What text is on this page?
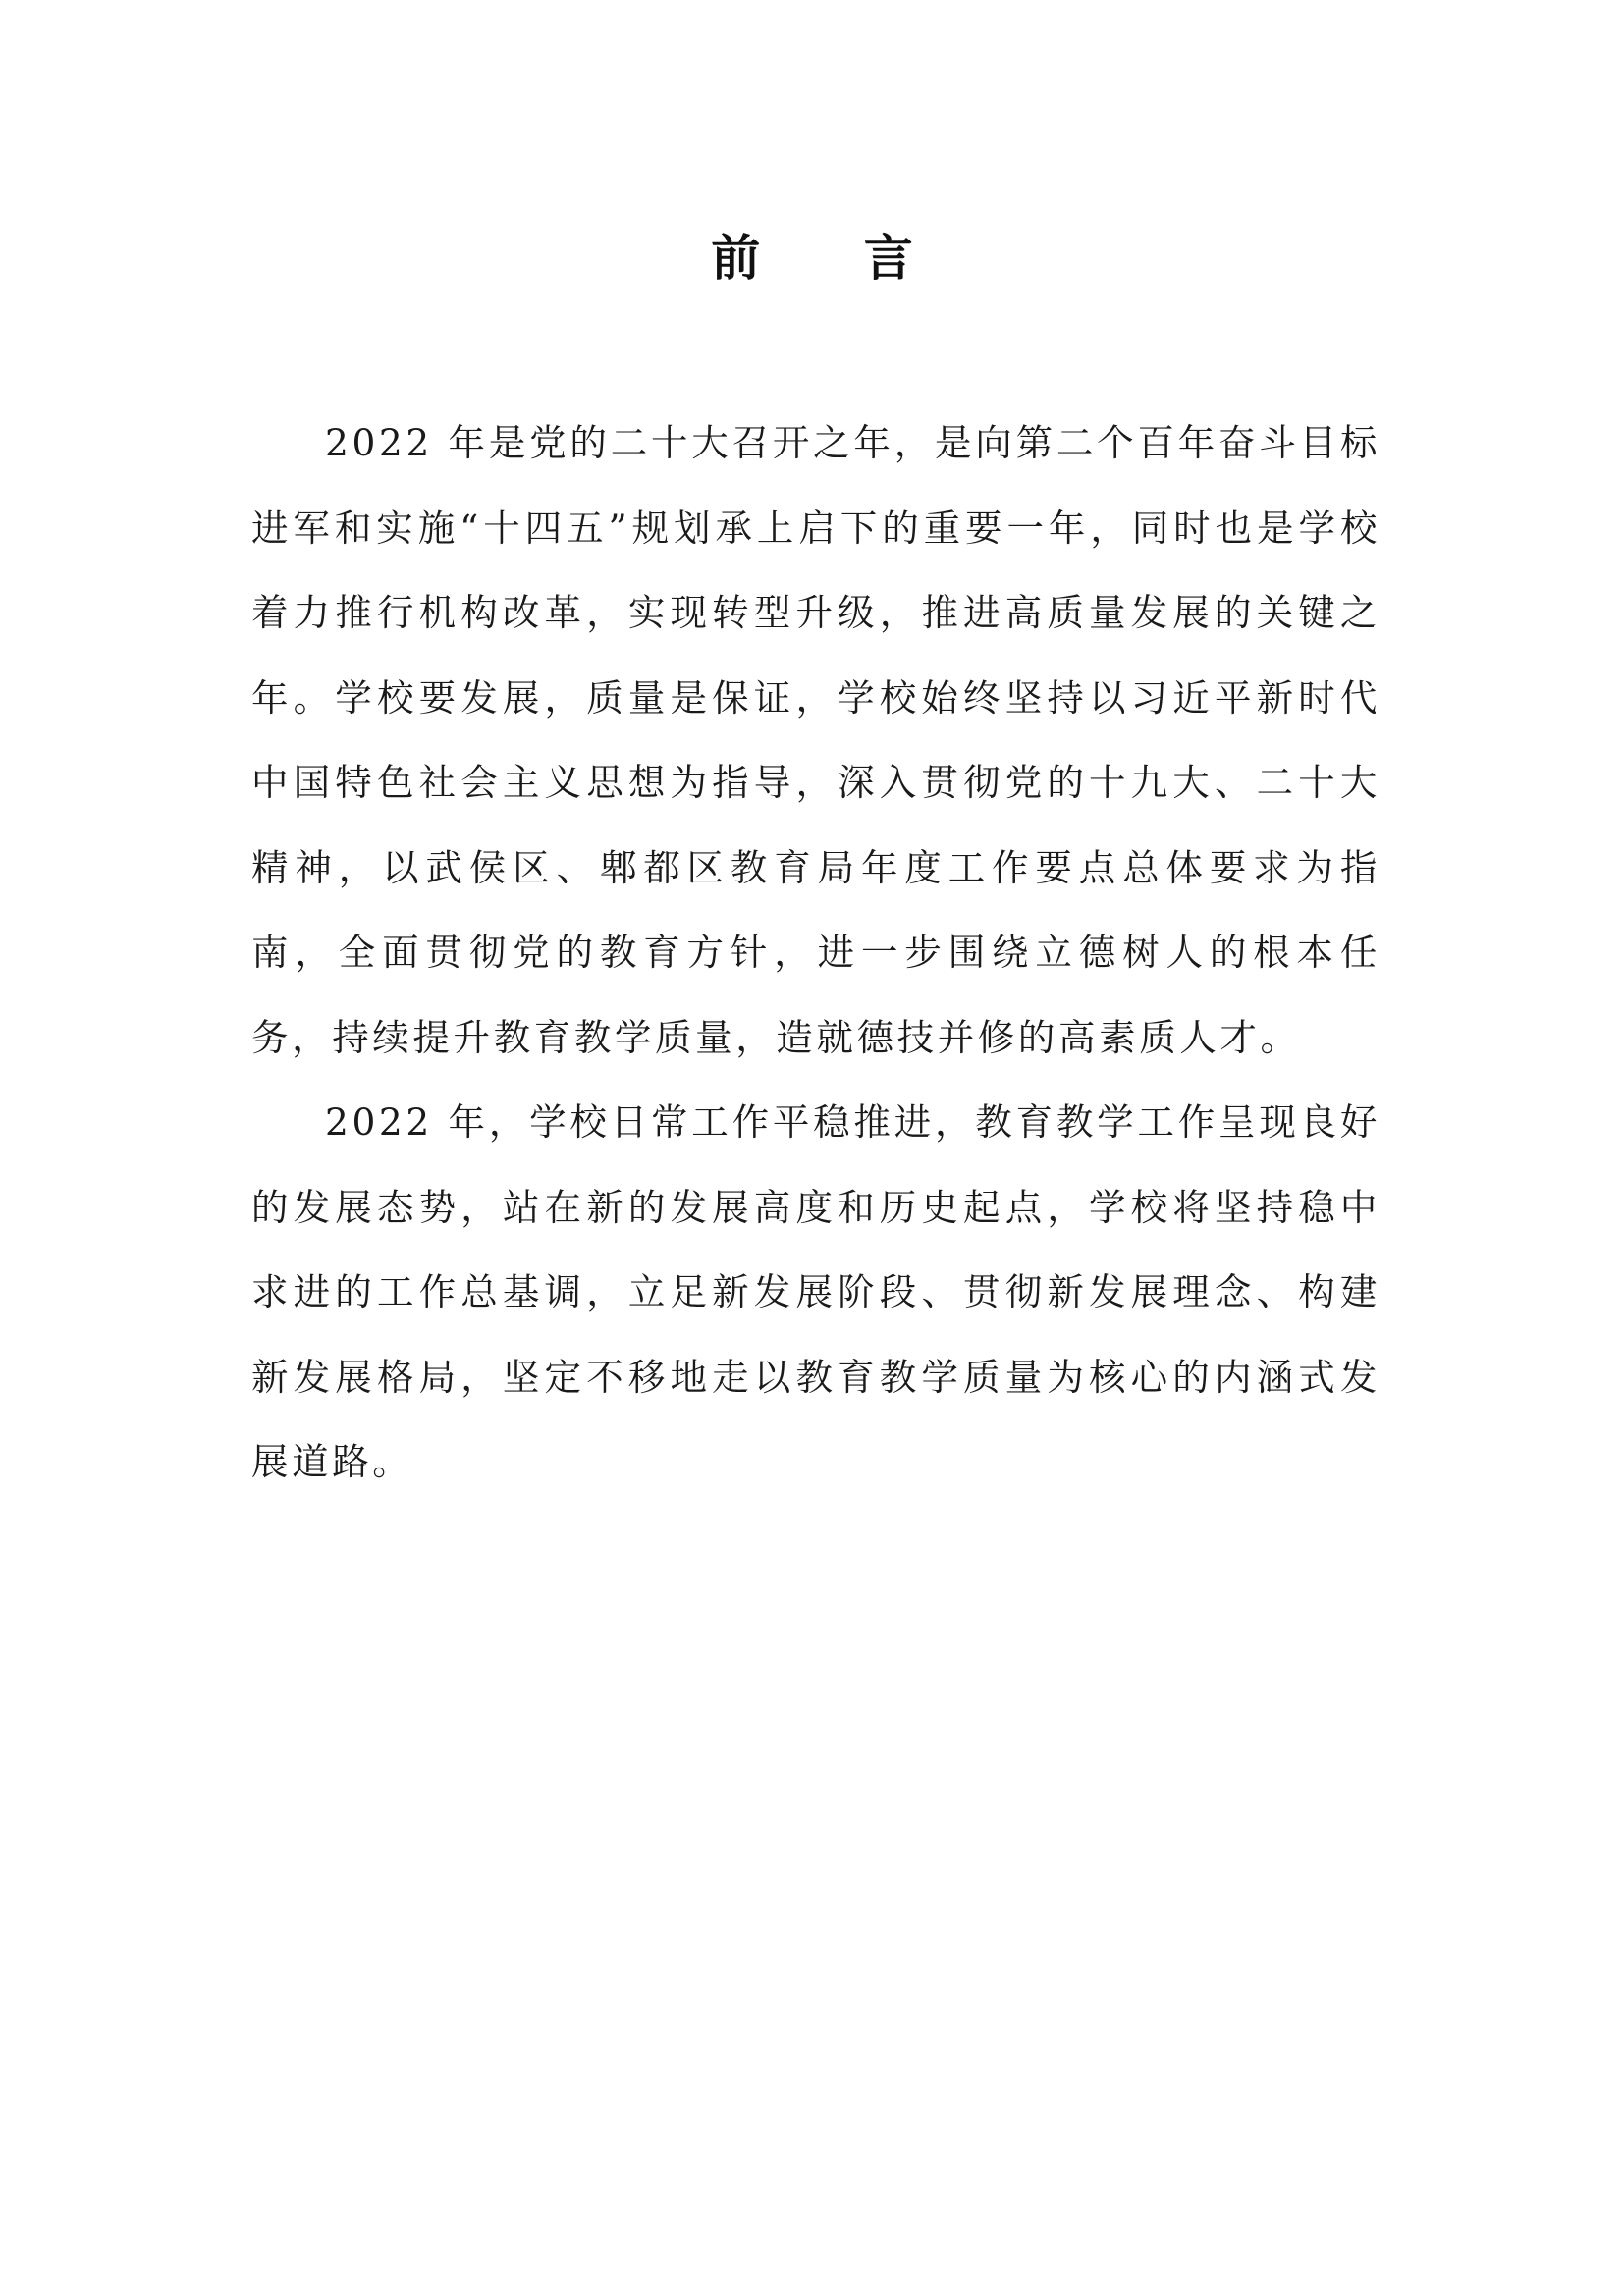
前 言

2022 年是党的二十大召开之年，是向第二个百年奋斗目标进军和实施“十四五”规划承上启下的重要一年，同时也是学校着力推行机构改革，实现转型升级，推进高质量发展的关键之年。学校要发展，质量是保证，学校始终坚持以习近平新时代中国特色社会主义思想为指导，深入贯彻党的十九大、二十大精神，以武侯区、郫都区教育局年度工作要点总体要求为指南，全面贯彻党的教育方针，进一步围绕立德树人的根本任务，持续提升教育教学质量，造就德技并修的高素质人才。

2022 年，学校日常工作平稳推进，教育教学工作呈现良好的发展态势，站在新的发展高度和历史起点，学校将坚持稳中求进的工作总基调，立足新发展阶段、贯彻新发展理念、构建新发展格局，坚定不移地走以教育教学质量为核心的内涵式发展道路。
